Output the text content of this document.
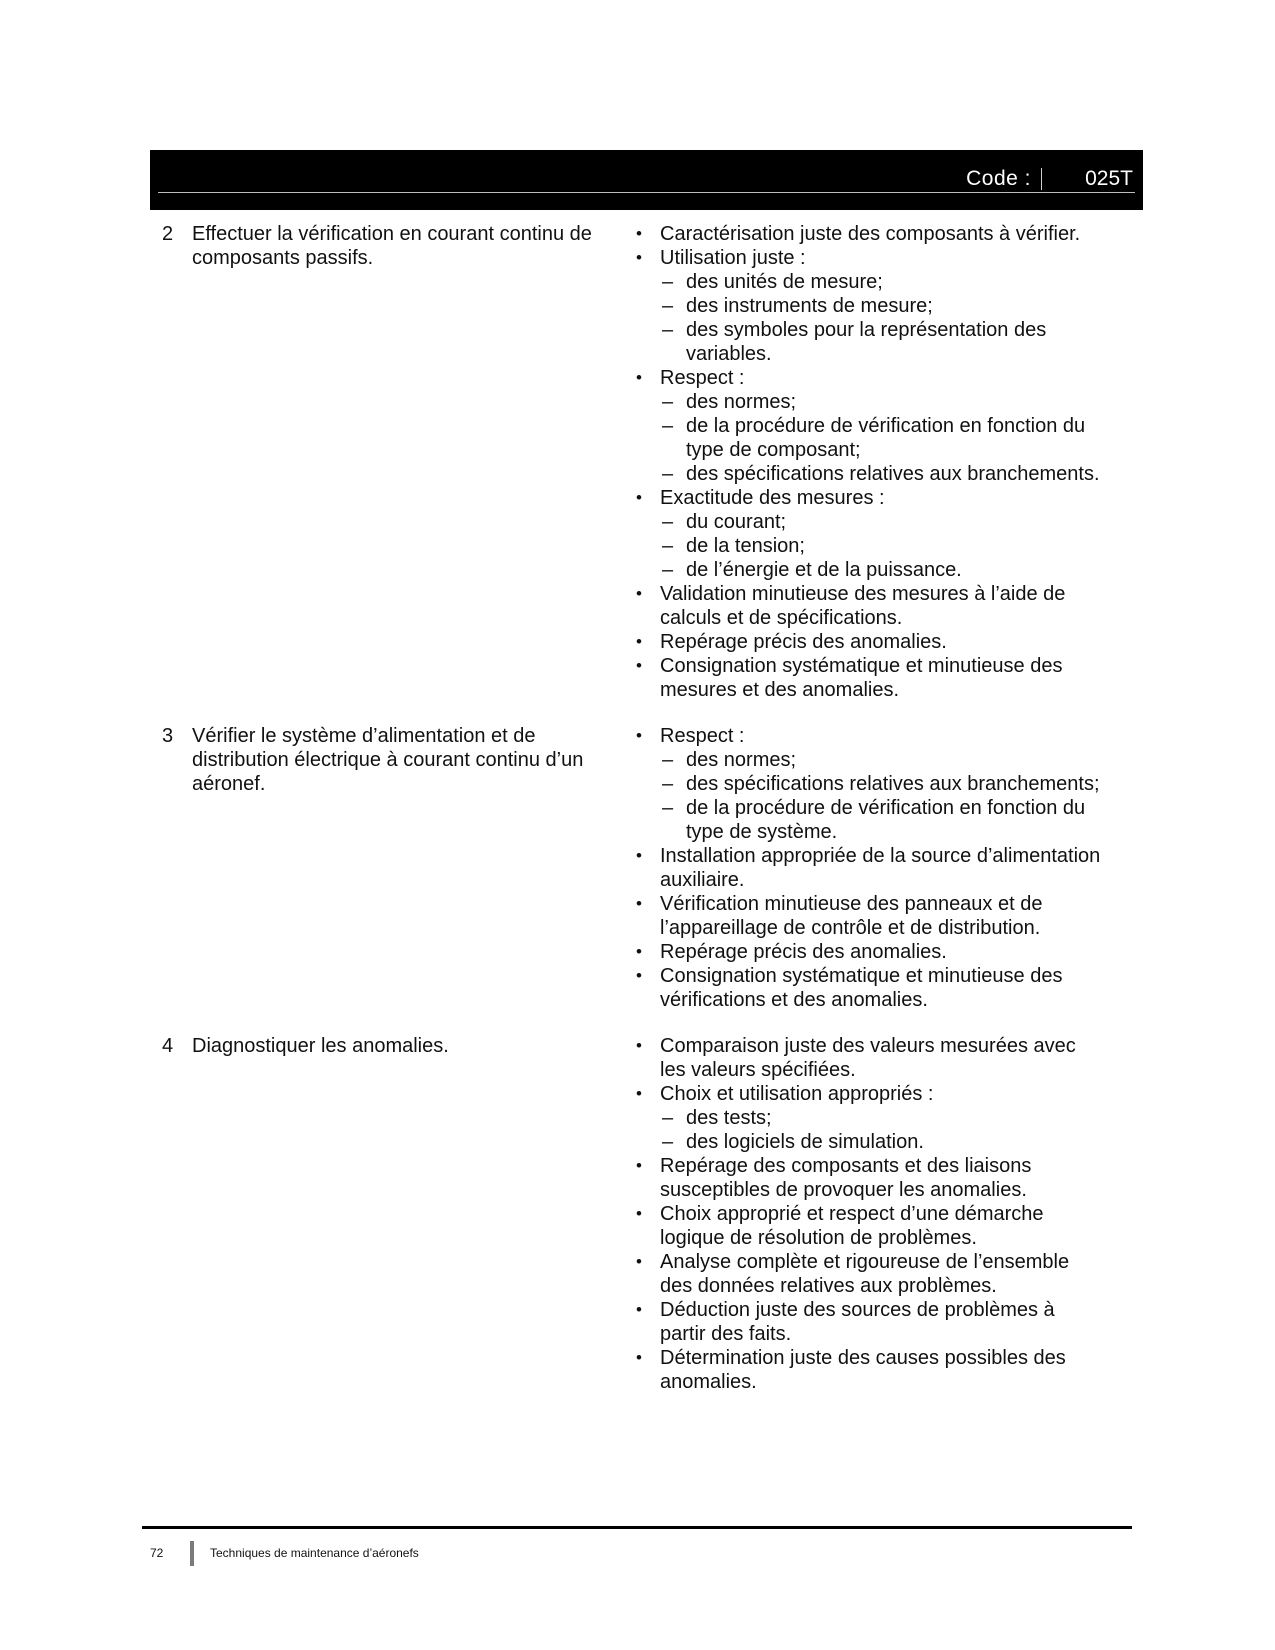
Code :	025T
2 Effectuer la vérification en courant continu de composants passifs.
• Caractérisation juste des composants à vérifier.
• Utilisation juste :
– des unités de mesure;
– des instruments de mesure;
– des symboles pour la représentation des variables.
• Respect :
– des normes;
– de la procédure de vérification en fonction du type de composant;
– des spécifications relatives aux branchements.
• Exactitude des mesures :
– du courant;
– de la tension;
– de l’énergie et de la puissance.
• Validation minutieuse des mesures à l’aide de calculs et de spécifications.
• Repérage précis des anomalies.
• Consignation systématique et minutieuse des mesures et des anomalies.
3 Vérifier le système d’alimentation et de distribution électrique à courant continu d’un aéronef.
• Respect :
– des normes;
– des spécifications relatives aux branchements;
– de la procédure de vérification en fonction du type de système.
• Installation appropriée de la source d’alimentation auxiliaire.
• Vérification minutieuse des panneaux et de l’appareillage de contrôle et de distribution.
• Repérage précis des anomalies.
• Consignation systématique et minutieuse des vérifications et des anomalies.
4 Diagnostiquer les anomalies.	• Comparaison juste des valeurs mesurées avec les valeurs spécifiées.
• Choix et utilisation appropriés :
– des tests;
– des logiciels de simulation.
• Repérage des composants et des liaisons susceptibles de provoquer les anomalies.
• Choix approprié et respect d’une démarche logique de résolution de problèmes.
• Analyse complète et rigoureuse de l’ensemble des données relatives aux problèmes.
• Déduction juste des sources de problèmes à partir des faits.
• Détermination juste des causes possibles des anomalies.
72	Techniques de maintenance d’aéronefs
